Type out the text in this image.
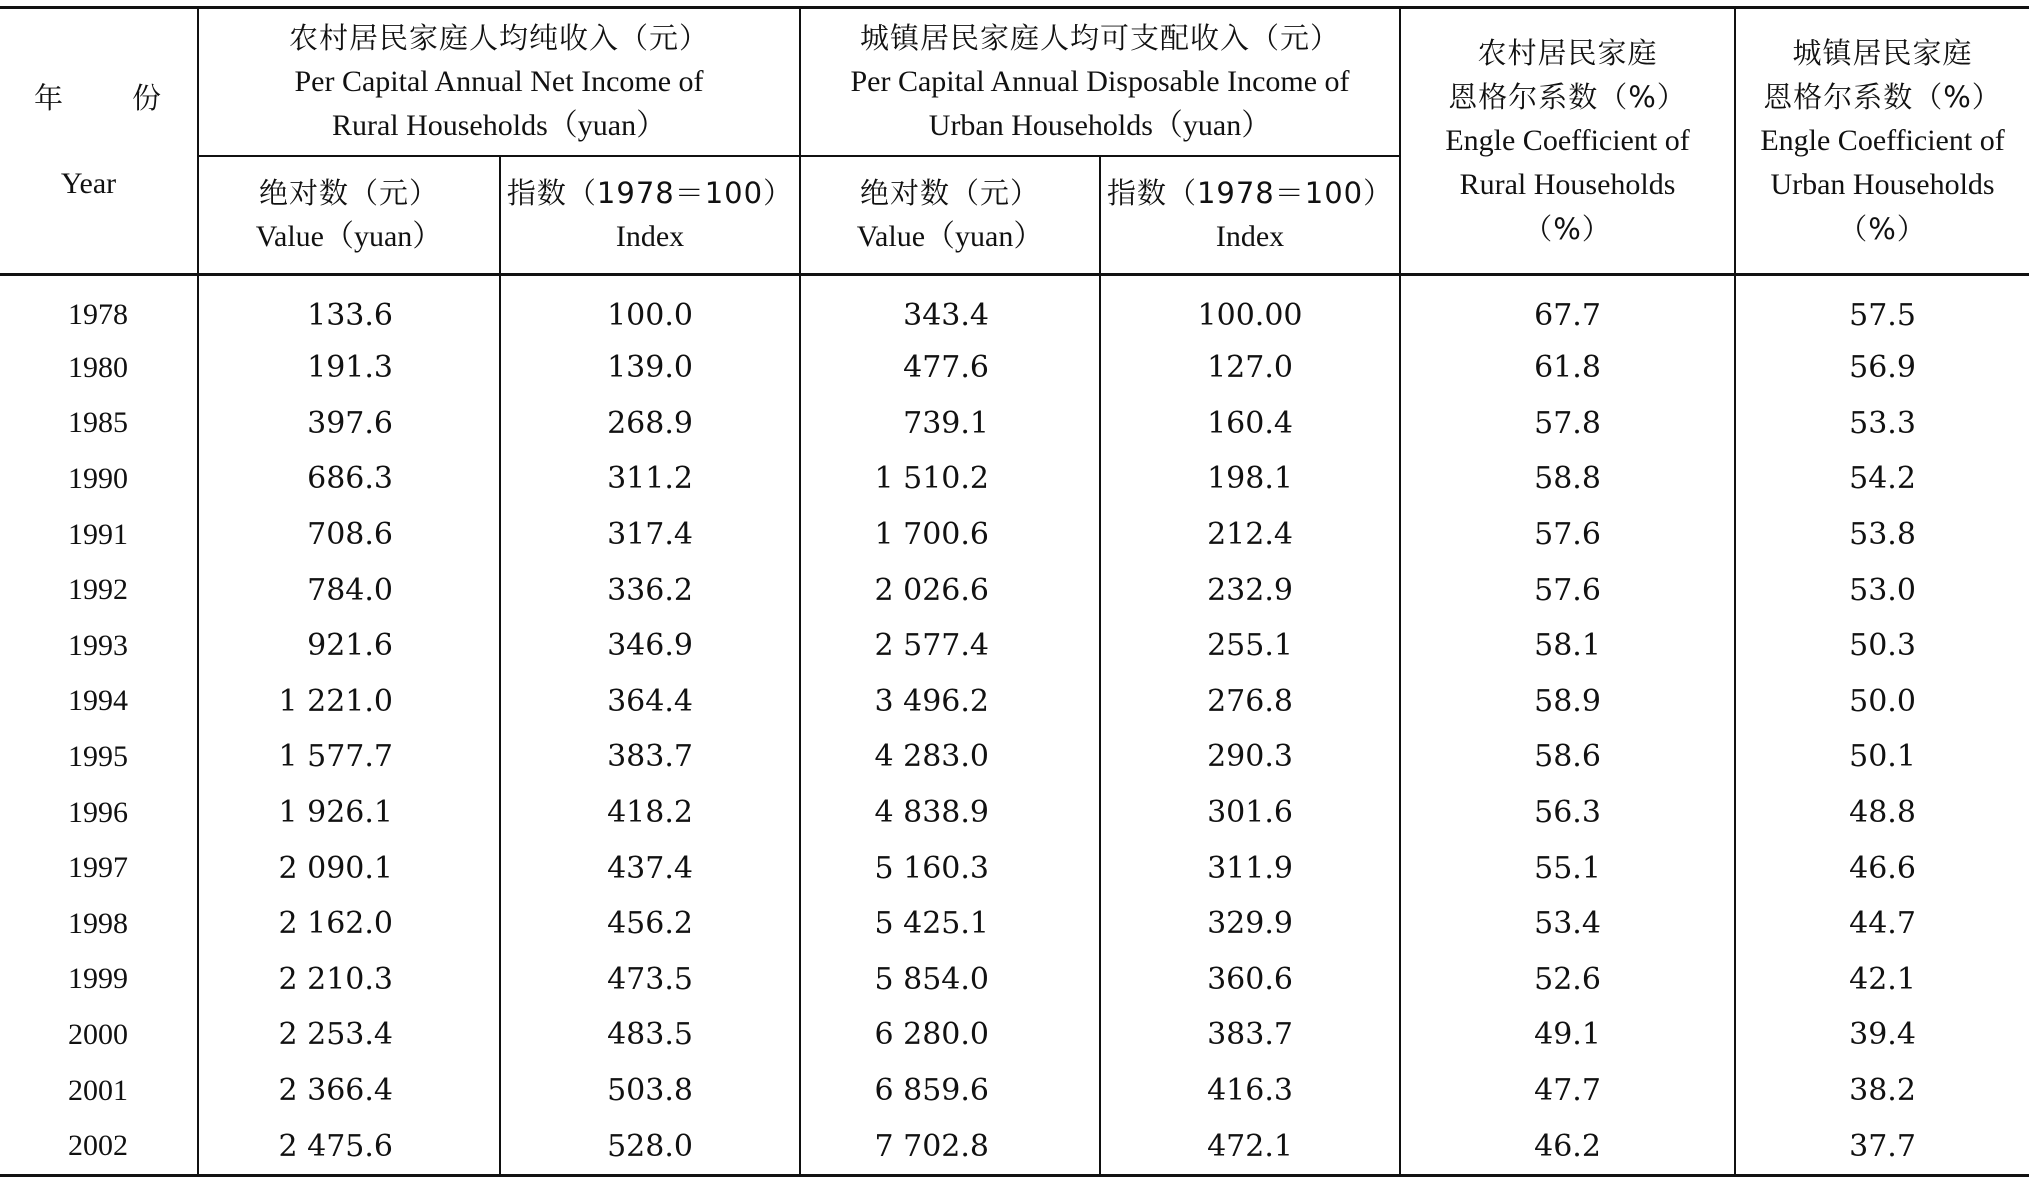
年 份
Year	农村居民家庭人均纯收入（元）
Per Capital Annual Net Income of
Rural Households（yuan）		城镇居民家庭人均可支配收入（元）
Per Capital Annual Disposable Income of
Urban Households（yuan）		农村居民家庭
恩格尔系数（%）
Engle Coefficient of
Rural Households
（%）	城镇居民家庭
恩格尔系数（%）
Engle Coefficient of
Urban Households
（%）

	绝对数（元）
Value（yuan）	指数（1978＝100）
Index	绝对数（元）
Value（yuan）	指数（1978＝100）
Index		

1978	133.6	100.0	343.4	100.00	67.7	57.5
1980	191.3	139.0	477.6	127.0	61.8	56.9
1985	397.6	268.9	739.1	160.4	57.8	53.3
1990	686.3	311.2	1 510.2	198.1	58.8	54.2
1991	708.6	317.4	1 700.6	212.4	57.6	53.8
1992	784.0	336.2	2 026.6	232.9	57.6	53.0
1993	921.6	346.9	2 577.4	255.1	58.1	50.3
1994	1 221.0	364.4	3 496.2	276.8	58.9	50.0
1995	1 577.7	383.7	4 283.0	290.3	58.6	50.1
1996	1 926.1	418.2	4 838.9	301.6	56.3	48.8
1997	2 090.1	437.4	5 160.3	311.9	55.1	46.6
1998	2 162.0	456.2	5 425.1	329.9	53.4	44.7
1999	2 210.3	473.5	5 854.0	360.6	52.6	42.1
2000	2 253.4	483.5	6 280.0	383.7	49.1	39.4
2001	2 366.4	503.8	6 859.6	416.3	47.7	38.2
2002	2 475.6	528.0	7 702.8	472.1	46.2	37.7
